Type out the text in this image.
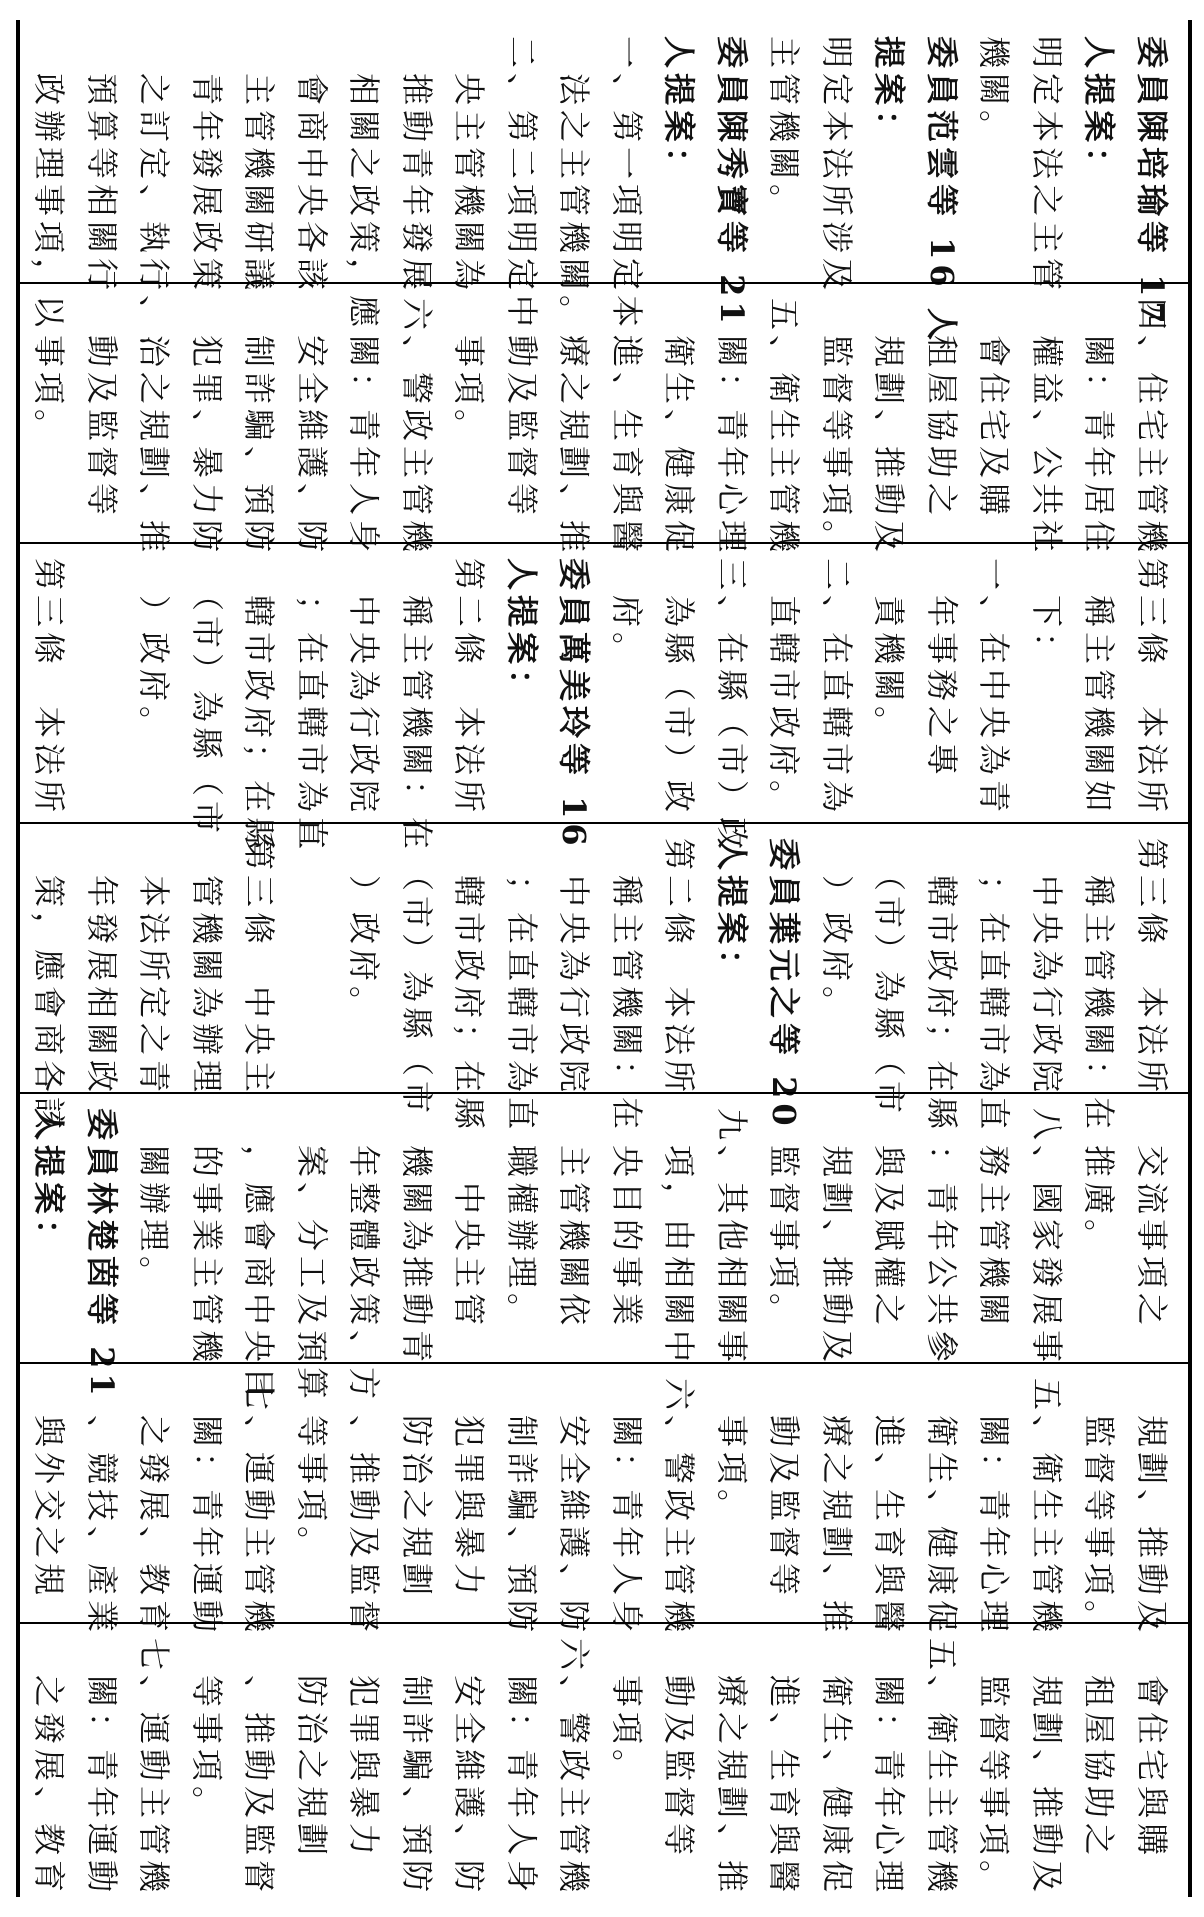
委員陳培瑜等 17
人提案：
明定本法之主管
機關。
委員范雲等 16 人
提案：
明定本法所涉及
主管機關。
委員陳秀寶等 21
人提案：
一、第一項明定本
　法之主管機關。
二、第二項明定中
　央主管機關為
　推動青年發展
　相關之政策，應
　會商中央各該
　主管機關研議
　青年發展政策
　之訂定、執行、
　預算等相關行
　政辦理事項，以
四、住宅主管機
　關：青年居住
　權益、公共社
　會住宅及購
　租屋協助之
　規劃、推動及
　監督等事項。
五、衛生主管機
　關：青年心理
　衛生、健康促
　進、生育與醫
　療之規劃、推
　動及監督等
　事項。
六、警政主管機
　關：青年人身
　安全維護、防
　制詐騙、預防
　犯罪、暴力防
　治之規劃、推
　動及監督等
　事項。
第三條　本法所
　稱主管機關如
　下：
一、在中央為青
　年事務之專
　責機關。
二、在直轄市為
　直轄市政府。
三、在縣（市）政
　為縣（市）政
　府。
委員萬美玲等 16
人提案：
第二條　本法所
　稱主管機關：在
　中央為行政院
　；在直轄市為直
　轄市政府；在縣
　（市）為縣（市
　）政府。
第三條　本法所
第三條　本法所
　稱主管機關：在
　中央為行政院
　；在直轄市為直
　轄市政府；在縣
　（市）為縣（市
　）政府。
委員葉元之等 20
人提案：
第二條　本法所
　稱主管機關：在
　中央為行政院
　；在直轄市為直
　轄市政府；在縣
　（市）為縣（市
　）政府。
第三條　中央主
　管機關為辦理
　本法所定之青
　年發展相關政
　策，應會商各該
　交流事項之
　推廣。
八、國家發展事
　務主管機關
　：青年公共參
　與及賦權之
　規劃、推動及
　監督事項。
九、其他相關事
　項，由相關中
　央目的事業
　主管機關依
　職權辦理。
　　中央主管
　機關為推動青
　年整體政策、方
　案、分工及預算
　，應會商中央目
　的事業主管機
　關辦理。
委員林楚茵等 21
人提案：
　規劃、推動及
　監督等事項。
五、衛生主管機
　關：青年心理
　衛生、健康促
　進、生育與醫
　療之規劃、推
　動及監督等
　事項。
六、警政主管機
　關：青年人身
　安全維護、防
　制詐騙、預防
　犯罪與暴力
　防治之規劃
　、推動及監督
　等事項。
七、運動主管機
　關：青年運動
　之發展、教育
　、競技、產業
　與外交之規
　會住宅與購
　租屋協助之
　規劃、推動及
　監督等事項。
五、衛生主管機
　關：青年心理
　衛生、健康促
　進、生育與醫
　療之規劃、推
　動及監督等
　事項。
六、警政主管機
　關：青年人身
　安全維護、防
　制詐騙、預防
　犯罪與暴力
　防治之規劃
　、推動及監督
　等事項。
七、運動主管機
　關：青年運動
　之發展、教育
